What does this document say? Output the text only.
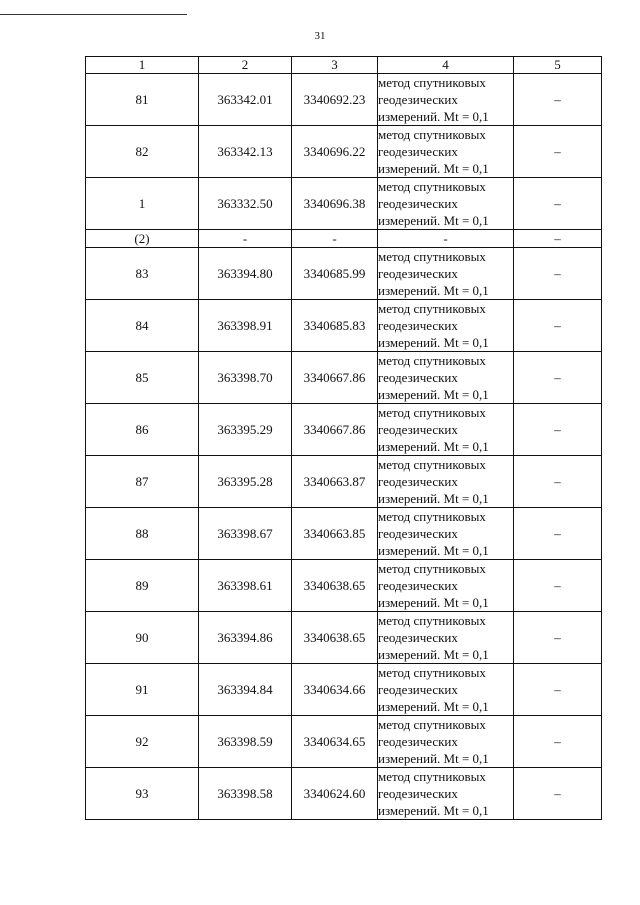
31
1	2	3	4	5
81	363342.01	3340692.23	метод спутниковых
геодезических
измерений. Mt = 0,1	–
82	363342.13	3340696.22	метод спутниковых
геодезических
измерений. Mt = 0,1	–
1	363332.50	3340696.38	метод спутниковых
геодезических
измерений. Mt = 0,1	–
(2)	-	-	-	–
83	363394.80	3340685.99	метод спутниковых
геодезических
измерений. Mt = 0,1	–
84	363398.91	3340685.83	метод спутниковых
геодезических
измерений. Mt = 0,1	–
85	363398.70	3340667.86	метод спутниковых
геодезических
измерений. Mt = 0,1	–
86	363395.29	3340667.86	метод спутниковых
геодезических
измерений. Mt = 0,1	–
87	363395.28	3340663.87	метод спутниковых
геодезических
измерений. Mt = 0,1	–
88	363398.67	3340663.85	метод спутниковых
геодезических
измерений. Mt = 0,1	–
89	363398.61	3340638.65	метод спутниковых
геодезических
измерений. Mt = 0,1	–
90	363394.86	3340638.65	метод спутниковых
геодезических
измерений. Mt = 0,1	–
91	363394.84	3340634.66	метод спутниковых
геодезических
измерений. Mt = 0,1	–
92	363398.59	3340634.65	метод спутниковых
геодезических
измерений. Mt = 0,1	–
93	363398.58	3340624.60	метод спутниковых
геодезических
измерений. Mt = 0,1	–
